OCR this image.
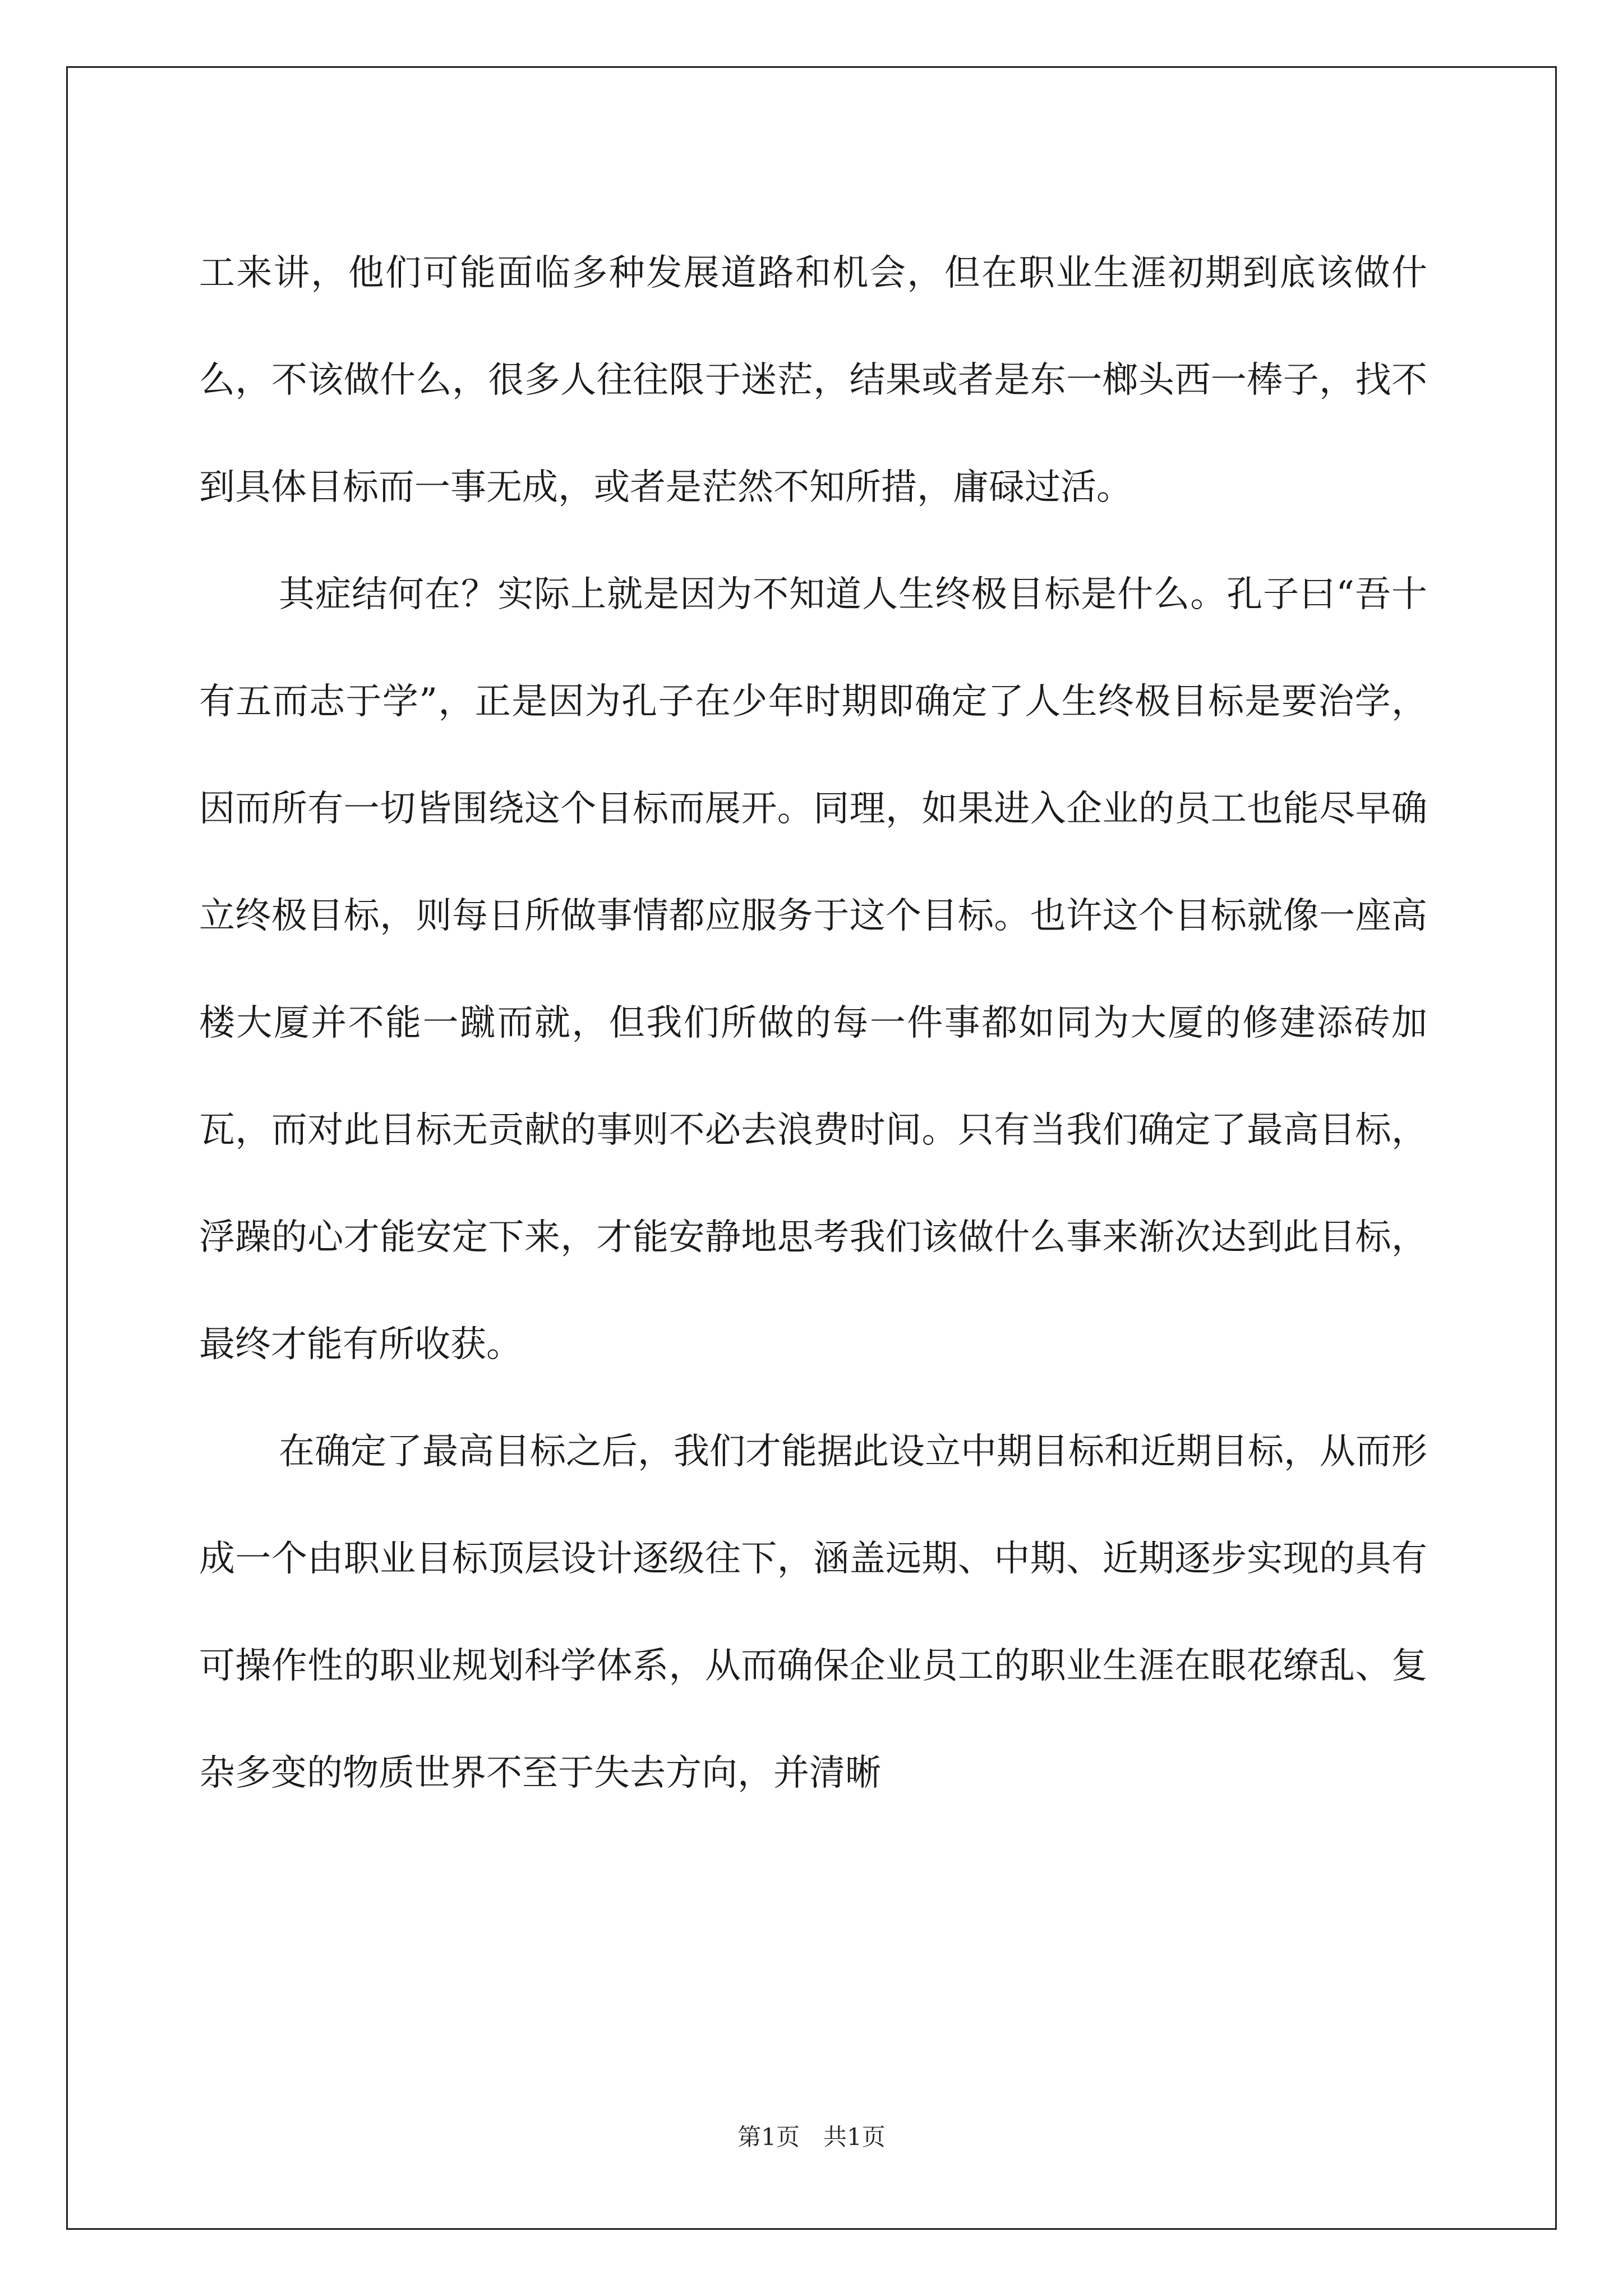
工来讲，他们可能面临多种发展道路和机会，但在职业生涯初期到底该做什么，不该做什么，很多人往往限于迷茫，结果或者是东一榔头西一棒子，找不到具体目标而一事无成，或者是茫然不知所措，庸碌过活。

其症结何在？实际上就是因为不知道人生终极目标是什么。孔子曰“吾十有五而志于学”，正是因为孔子在少年时期即确定了人生终极目标是要治学，因而所有一切皆围绕这个目标而展开。同理，如果进入企业的员工也能尽早确立终极目标，则每日所做事情都应服务于这个目标。也许这个目标就像一座高楼大厦并不能一蹴而就，但我们所做的每一件事都如同为大厦的修建添砖加瓦，而对此目标无贡献的事则不必去浪费时间。只有当我们确定了最高目标，浮躁的心才能安定下来，才能安静地思考我们该做什么事来渐次达到此目标，最终才能有所收获。

在确定了最高目标之后，我们才能据此设立中期目标和近期目标，从而形成一个由职业目标顶层设计逐级往下，涵盖远期、中期、近期逐步实现的具有可操作性的职业规划科学体系，从而确保企业员工的职业生涯在眼花缭乱、复杂多变的物质世界不至于失去方向，并清晰

第1页　共1页
